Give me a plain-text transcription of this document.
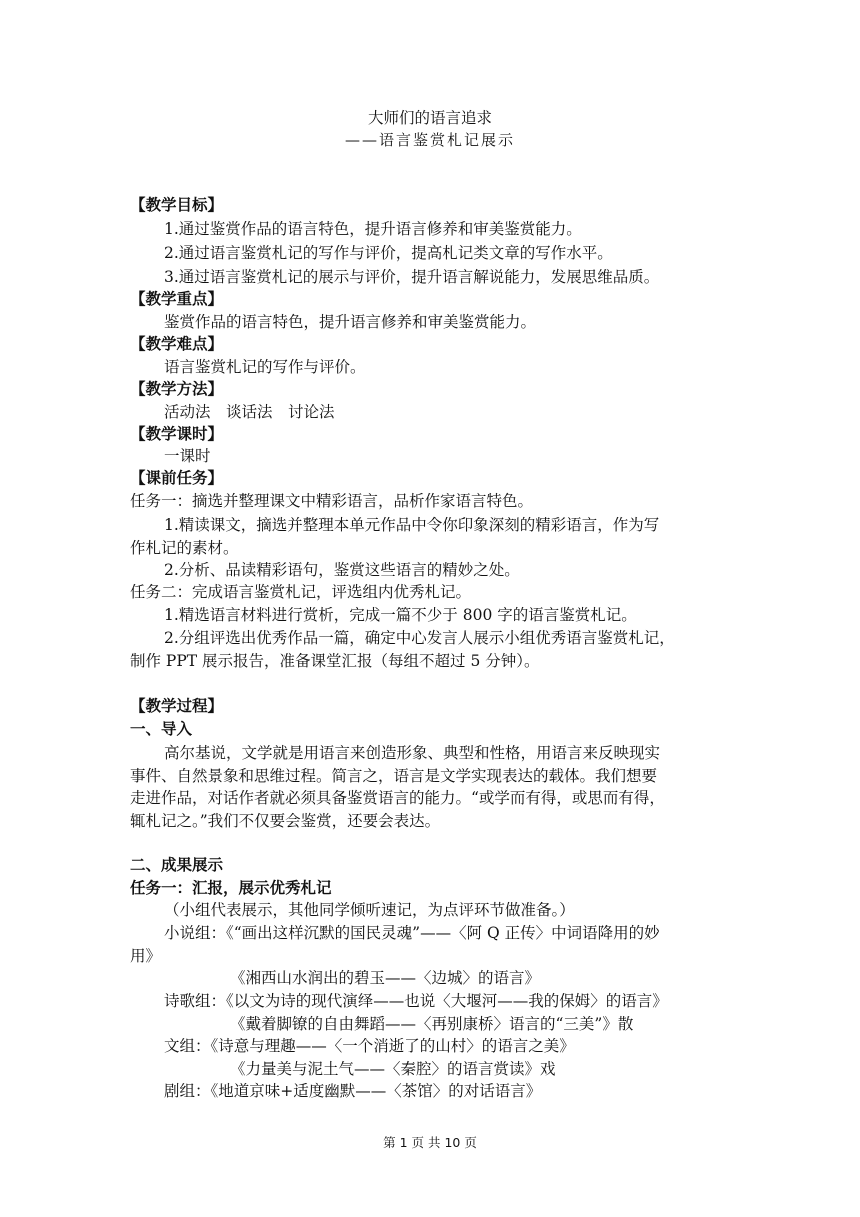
大师们的语言追求
——语言鉴赏札记展示
【教学目标】
1.通过鉴赏作品的语言特色，提升语言修养和审美鉴赏能力。
2.通过语言鉴赏札记的写作与评价，提高札记类文章的写作水平。
3.通过语言鉴赏札记的展示与评价，提升语言解说能力，发展思维品质。
【教学重点】
鉴赏作品的语言特色，提升语言修养和审美鉴赏能力。
【教学难点】
语言鉴赏札记的写作与评价。
【教学方法】
活动法　谈话法　讨论法
【教学课时】
一课时
【课前任务】
任务一：摘选并整理课文中精彩语言，品析作家语言特色。
1.精读课文，摘选并整理本单元作品中令你印象深刻的精彩语言，作为写
作札记的素材。
2.分析、品读精彩语句，鉴赏这些语言的精妙之处。
任务二：完成语言鉴赏札记，评选组内优秀札记。
1.精选语言材料进行赏析，完成一篇不少于 800 字的语言鉴赏札记。
2.分组评选出优秀作品一篇，确定中心发言人展示小组优秀语言鉴赏札记，
制作 PPT 展示报告，准备课堂汇报（每组不超过 5 分钟）。
【教学过程】
一、导入
高尔基说，文学就是用语言来创造形象、典型和性格，用语言来反映现实
事件、自然景象和思维过程。简言之，语言是文学实现表达的载体。我们想要
走进作品，对话作者就必须具备鉴赏语言的能力。“或学而有得，或思而有得，
辄札记之。”我们不仅要会鉴赏，还要会表达。
二、成果展示
任务一：汇报，展示优秀札记
（小组代表展示，其他同学倾听速记，为点评环节做准备。）
小说组：《“画出这样沉默的国民灵魂”——〈阿 Q 正传〉中词语降用的妙
用》
《湘西山水润出的碧玉——〈边城〉的语言》
诗歌组：《以文为诗的现代演绎——也说〈大堰河——我的保姆〉的语言》
《戴着脚镣的自由舞蹈——〈再别康桥〉语言的“三美”》散
文组：《诗意与理趣——〈一个消逝了的山村〉的语言之美》
《力量美与泥土气——〈秦腔〉的语言赏读》戏
剧组：《地道京味+适度幽默——〈茶馆〉的对话语言》
第 1 页 共 10 页
